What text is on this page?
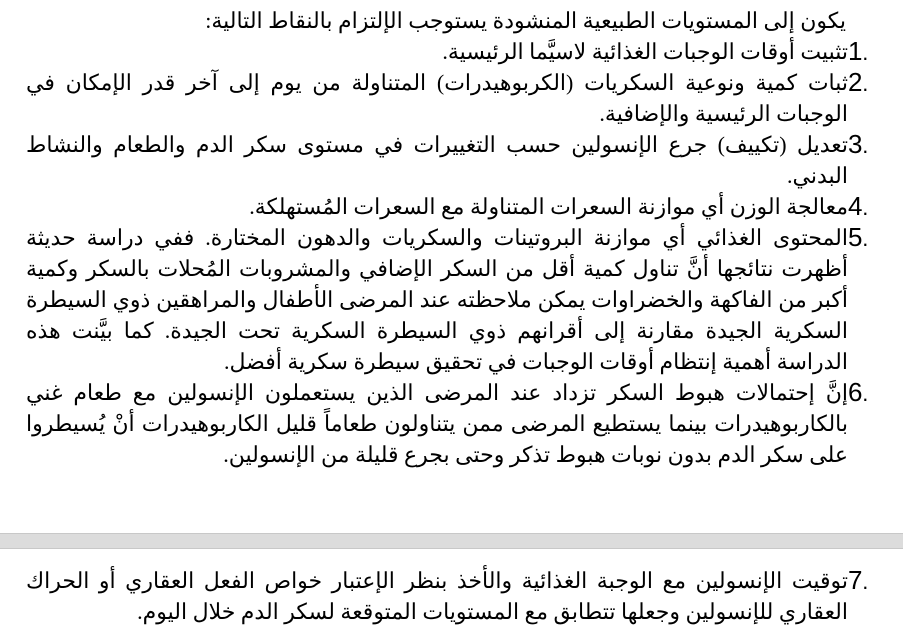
يكون إلى المستويات الطبيعية المنشودة يستوجب الإلتزام بالنقاط التالية:

1 .
تثبيت أوقات الوجبات الغذائية لاسيَّما الرئيسية.
2 .
ثبات كمية ونوعية السكريات (الكربوهيدرات) المتناولة من يوم إلى آخر قدر الإمكان في الوجبات الرئيسية والإضافية.
3 .
تعديل (تكييف) جرع الإنسولين حسب التغييرات في مستوى سكر الدم والطعام والنشاط البدني.
4 .
معالجة الوزن أي موازنة السعرات المتناولة مع السعرات المُستهلكة.
5 .
المحتوى الغذائي أي موازنة البروتينات والسكريات والدهون المختارة. ففي دراسة حديثة أظهرت نتائجها أنَّ تناول كمية أقل من السكر الإضافي والمشروبات المُحلات بالسكر وكمية أكبر من الفاكهة والخضراوات يمكن ملاحظته عند المرضى الأطفال والمراهقين ذوي السيطرة السكرية الجيدة مقارنة إلى أقرانهم ذوي السيطرة السكرية تحت الجيدة. كما بيَّنت هذه الدراسة أهمية إنتظام أوقات الوجبات في تحقيق سيطرة سكرية أفضل.
6 .
إنَّ إحتمالات هبوط السكر تزداد عند المرضى الذين يستعملون الإنسولين مع طعام غني بالكاربوهيدرات بينما يستطيع المرضى ممن يتناولون طعاماً قليل الكاربوهيدرات أنْ يُسيطروا على سكر الدم بدون نوبات هبوط تذكر وحتى بجرع قليلة من الإنسولين.
7 .
توقيت الإنسولين مع الوجبة الغذائية والأخذ بنظر الإعتبار خواص الفعل العقاري أو الحراك العقاري للإنسولين وجعلها تتطابق مع المستويات المتوقعة لسكر الدم خلال اليوم.
